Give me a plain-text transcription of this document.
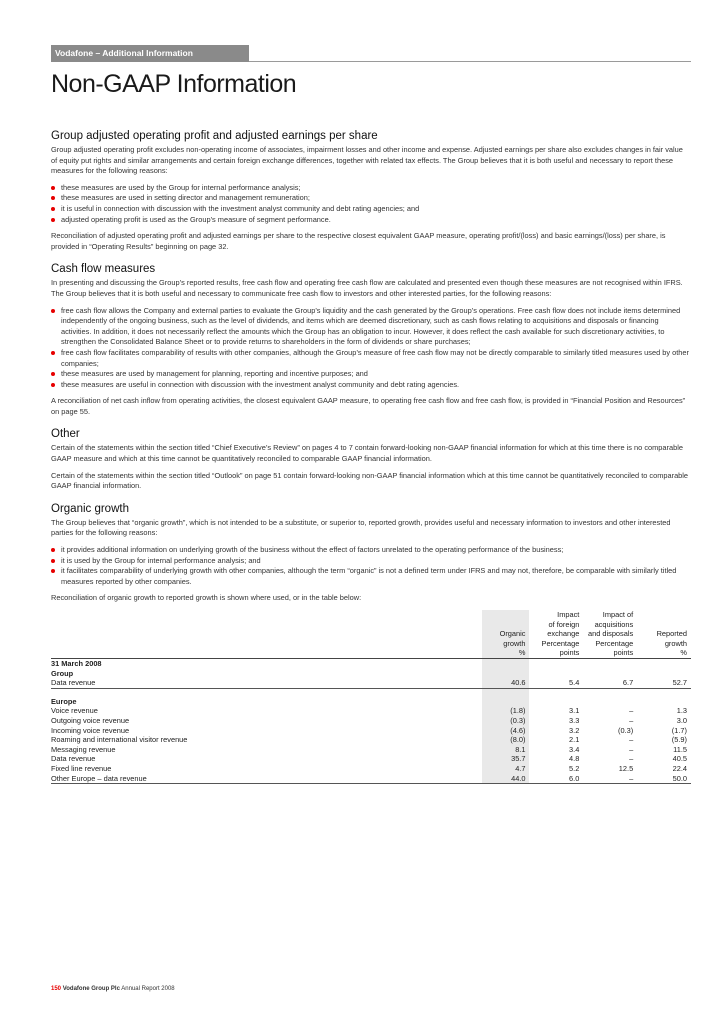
Vodafone – Additional Information
Non-GAAP Information
Group adjusted operating profit and adjusted earnings per share

Group adjusted operating profit excludes non-operating income of associates, impairment losses and other income and expense. Adjusted earnings per share also excludes changes in fair value of equity put rights and similar arrangements and certain foreign exchange differences, together with related tax effects. The Group believes that it is both useful and necessary to report these measures for the following reasons:

these measures are used by the Group for internal performance analysis;
these measures are used in setting director and management remuneration;
it is useful in connection with discussion with the investment analyst community and debt rating agencies; and
adjusted operating profit is used as the Group’s measure of segment performance.

Reconciliation of adjusted operating profit and adjusted earnings per share to the respective closest equivalent GAAP measure, operating profit/(loss) and basic earnings/(loss) per share, is provided in “Operating Results” beginning on page 32.

Cash flow measures

In presenting and discussing the Group’s reported results, free cash flow and operating free cash flow are calculated and presented even though these measures are not recognised within IFRS. The Group believes that it is both useful and necessary to communicate free cash flow to investors and other interested parties, for the following reasons:

free cash flow allows the Company and external parties to evaluate the Group’s liquidity and the cash generated by the Group’s operations. Free cash flow does not include items determined independently of the ongoing business, such as the level of dividends, and items which are deemed discretionary, such as cash flows relating to acquisitions and disposals or financing activities. In addition, it does not necessarily reflect the amounts which the Group has an obligation to incur. However, it does reflect the cash available for such discretionary activities, to strengthen the Consolidated Balance Sheet or to provide returns to shareholders in the form of dividends or share purchases;
free cash flow facilitates comparability of results with other companies, although the Group’s measure of free cash flow may not be directly comparable to similarly titled measures used by other companies;
these measures are used by management for planning, reporting and incentive purposes; and
these measures are useful in connection with discussion with the investment analyst community and debt rating agencies.

A reconciliation of net cash inflow from operating activities, the closest equivalent GAAP measure, to operating free cash flow and free cash flow, is provided in “Financial Position and Resources” on page 55.

Other

Certain of the statements within the section titled “Chief Executive’s Review” on pages 4 to 7 contain forward-looking non-GAAP financial information for which at this time there is no comparable GAAP measure and which at this time cannot be quantitatively reconciled to comparable GAAP financial information.

Certain of the statements within the section titled “Outlook” on page 51 contain forward-looking non-GAAP financial information which at this time cannot be quantitatively reconciled to comparable GAAP financial information.

Organic growth

The Group believes that “organic growth”, which is not intended to be a substitute, or superior to, reported growth, provides useful and necessary information to investors and other interested parties for the following reasons:

it provides additional information on underlying growth of the business without the effect of factors unrelated to the operating performance of the business;
it is used by the Group for internal performance analysis; and
it facilitates comparability of underlying growth with other companies, although the term “organic” is not a defined term under IFRS and may not, therefore, be comparable with similarly titled measures reported by other companies.

Reconciliation of organic growth to reported growth is shown where used, or in the table below:

		Impact	Impact of	
		of foreign	acquisitions	
	Organic	exchange	and disposals	Reported
	growth	Percentage	Percentage	growth
	%	points	points	%
31 March 2008				
Group				
Data revenue	40.6	5.4	6.7	52.7

Europe				
Voice revenue	(1.8)	3.1	–	1.3
Outgoing voice revenue	(0.3)	3.3	–	3.0
Incoming voice revenue	(4.6)	3.2	(0.3)	(1.7)
Roaming and international visitor revenue	(8.0)	2.1	–	(5.9)
Messaging revenue	8.1	3.4	–	11.5
Data revenue	35.7	4.8	–	40.5
Fixed line revenue	4.7	5.2	12.5	22.4
Other Europe – data revenue	44.0	6.0	–	50.0
150 Vodafone Group Plc Annual Report 2008
